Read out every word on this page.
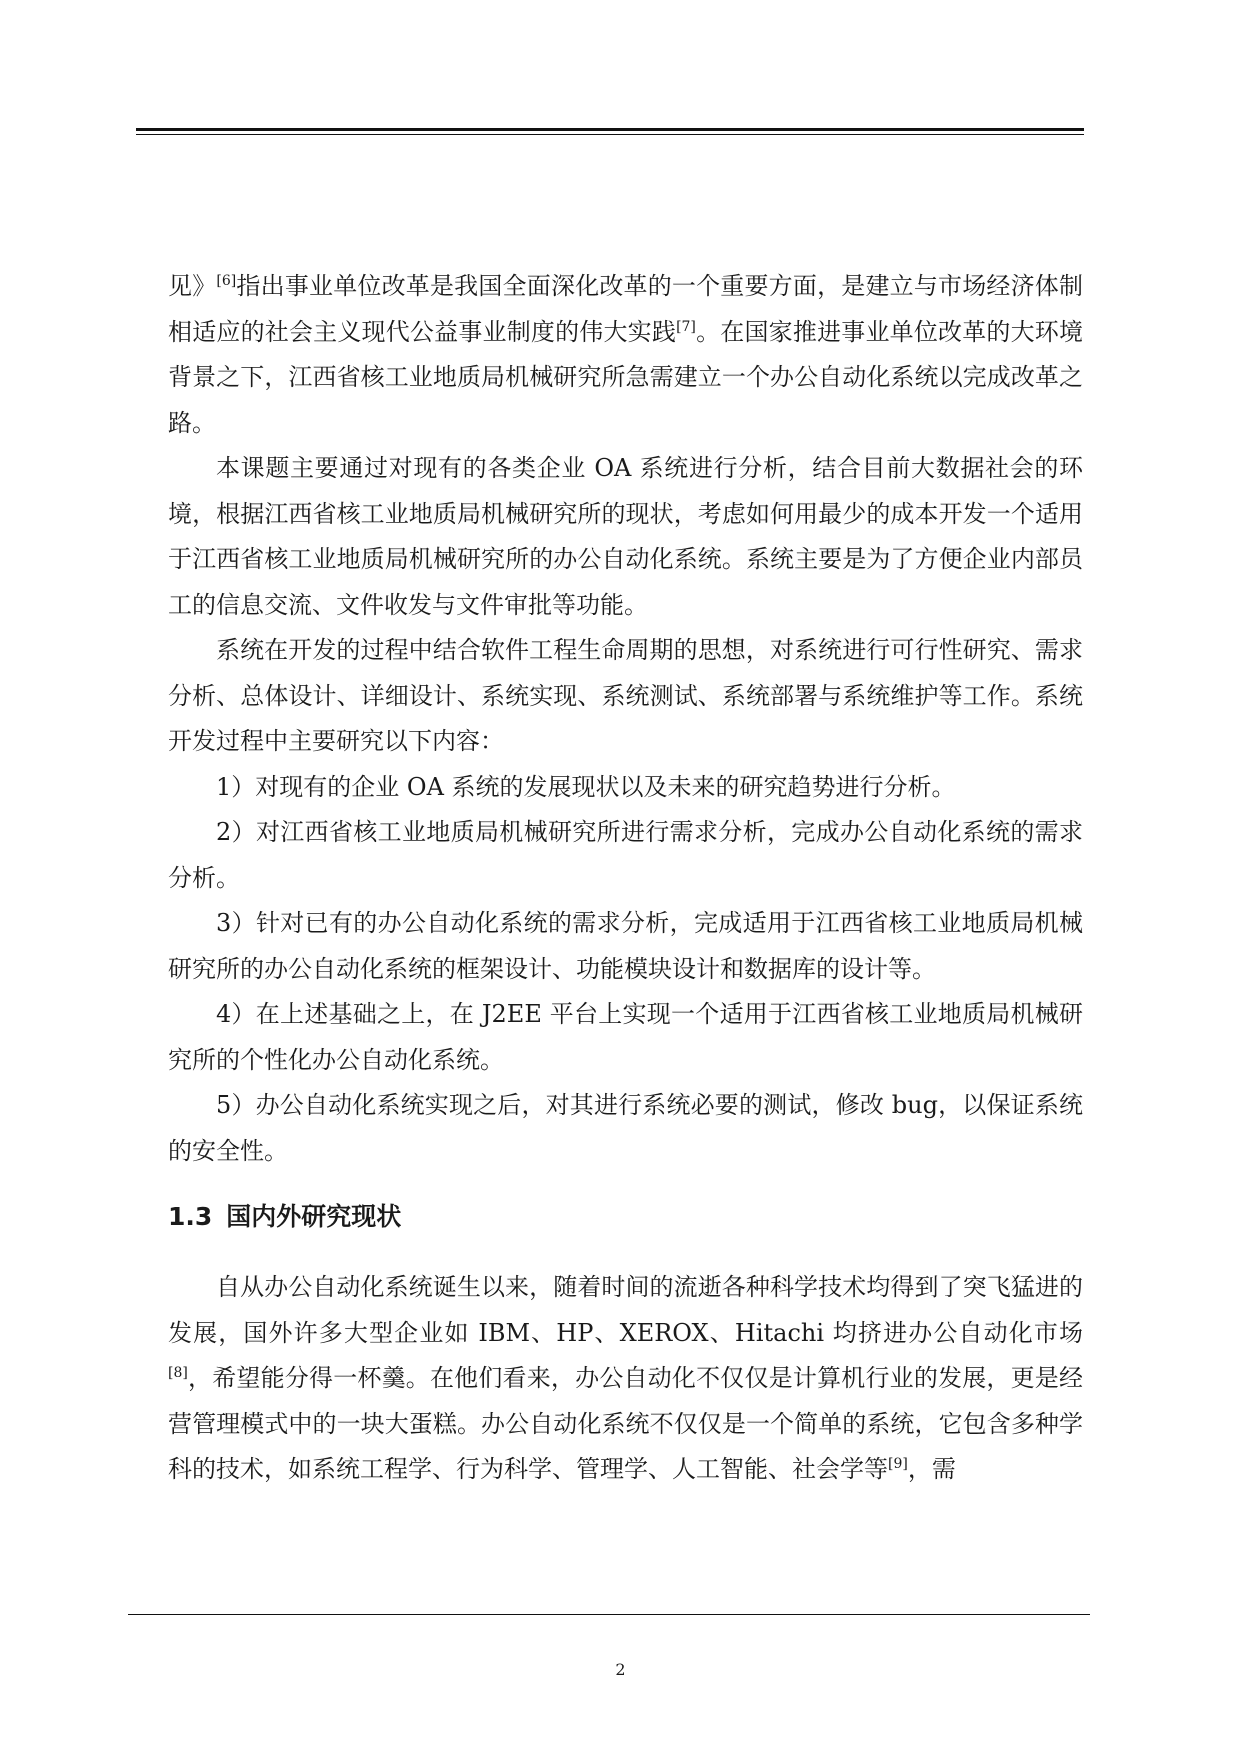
见》[6]指出事业单位改革是我国全面深化改革的一个重要方面，是建立与市场经济体制相适应的社会主义现代公益事业制度的伟大实践[7]。在国家推进事业单位改革的大环境背景之下，江西省核工业地质局机械研究所急需建立一个办公自动化系统以完成改革之路。

本课题主要通过对现有的各类企业 OA 系统进行分析，结合目前大数据社会的环境，根据江西省核工业地质局机械研究所的现状，考虑如何用最少的成本开发一个适用于江西省核工业地质局机械研究所的办公自动化系统。系统主要是为了方便企业内部员工的信息交流、文件收发与文件审批等功能。

系统在开发的过程中结合软件工程生命周期的思想，对系统进行可行性研究、需求分析、总体设计、详细设计、系统实现、系统测试、系统部署与系统维护等工作。系统开发过程中主要研究以下内容：

1）对现有的企业 OA 系统的发展现状以及未来的研究趋势进行分析。

2）对江西省核工业地质局机械研究所进行需求分析，完成办公自动化系统的需求分析。

3）针对已有的办公自动化系统的需求分析，完成适用于江西省核工业地质局机械研究所的办公自动化系统的框架设计、功能模块设计和数据库的设计等。

4）在上述基础之上，在 J2EE 平台上实现一个适用于江西省核工业地质局机械研究所的个性化办公自动化系统。

5）办公自动化系统实现之后，对其进行系统必要的测试，修改 bug，以保证系统的安全性。

1.3 国内外研究现状

自从办公自动化系统诞生以来，随着时间的流逝各种科学技术均得到了突飞猛进的发展，国外许多大型企业如 IBM、HP、XEROX、Hitachi 均挤进办公自动化市场[8]，希望能分得一杯羹。在他们看来，办公自动化不仅仅是计算机行业的发展，更是经营管理模式中的一块大蛋糕。办公自动化系统不仅仅是一个简单的系统，它包含多种学科的技术，如系统工程学、行为科学、管理学、人工智能、社会学等[9]，需

2
